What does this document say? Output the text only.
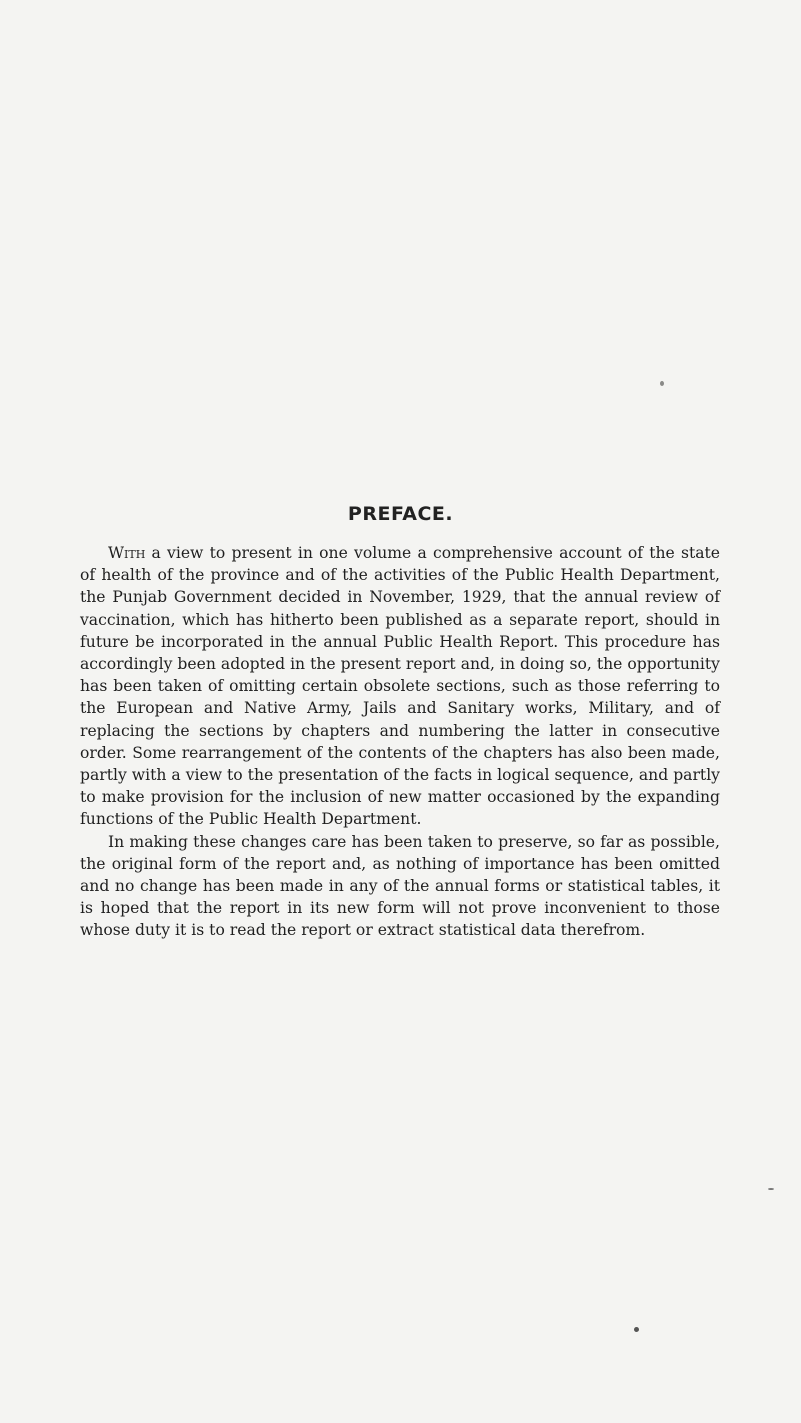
PREFACE.

With a view to present in one volume a comprehensive account of the state of health of the province and of the activities of the Public Health Department, the Punjab Government decided in November, 1929, that the annual review of vaccination, which has hitherto been published as a separate report, should in future be incorporated in the annual Public Health Report. This procedure has accordingly been adopted in the present report and, in doing so, the opportunity has been taken of omitting certain obsolete sections, such as those referring to the European and Native Army, Jails and Sanitary works, Military, and of replacing the sections by chapters and numbering the latter in consecutive order. Some rearrangement of the contents of the chapters has also been made, partly with a view to the presentation of the facts in logical sequence, and partly to make provision for the inclusion of new matter occasioned by the expanding functions of the Public Health Department.

In making these changes care has been taken to preserve, so far as possible, the original form of the report and, as nothing of importance has been omitted and no change has been made in any of the annual forms or statistical tables, it is hoped that the report in its new form will not prove inconvenient to those whose duty it is to read the report or extract statistical data therefrom.
